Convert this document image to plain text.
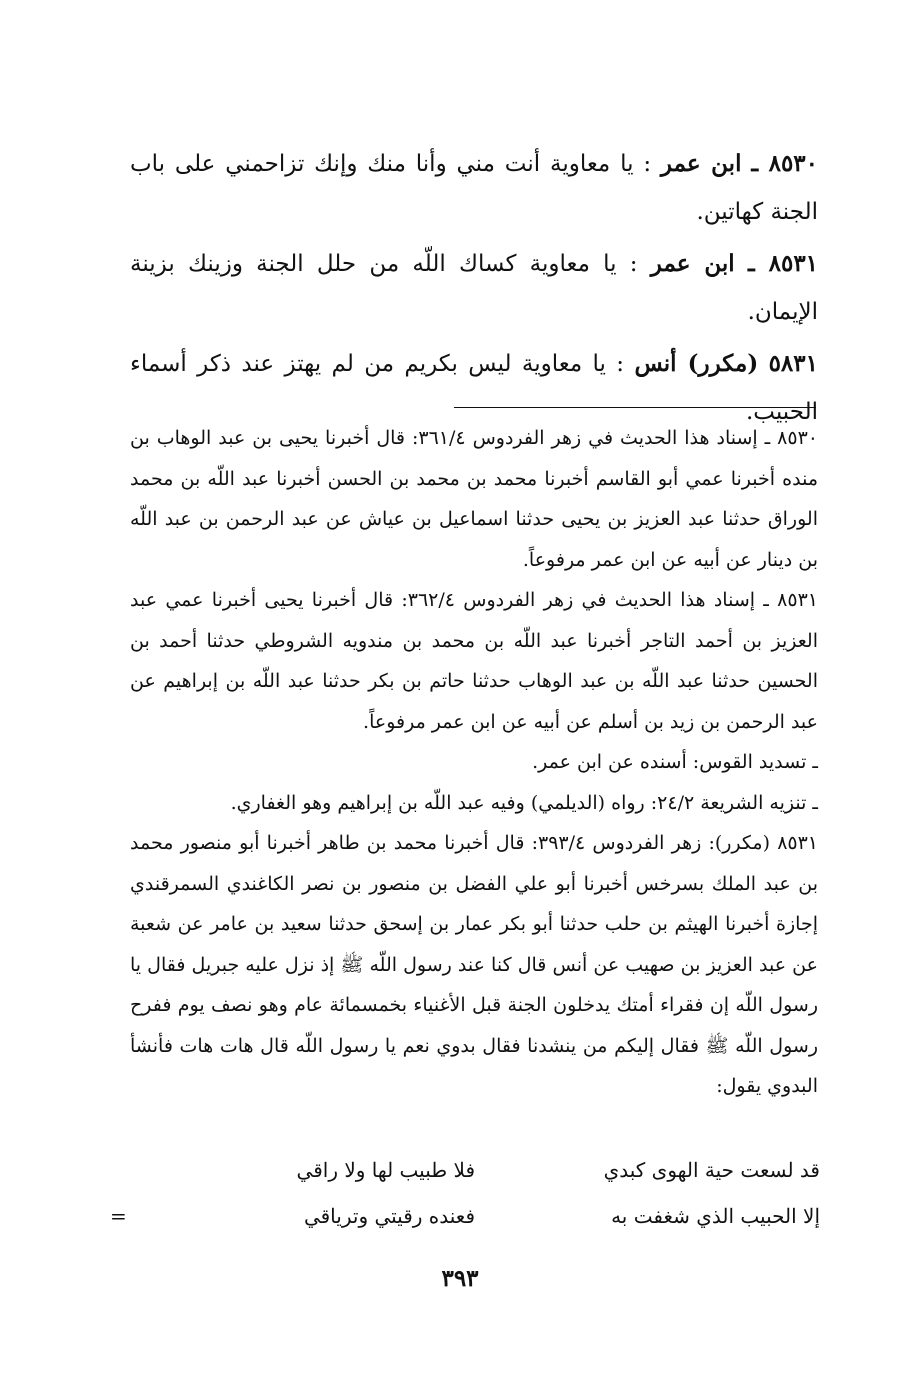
٨٥٣٠ ـ ابن عمر : يا معاوية أنت مني وأنا منك وإنك تزاحمني على باب الجنة كهاتين.

٨٥٣١ ـ ابن عمر : يا معاوية كساك اللّه من حلل الجنة وزينك بزينة الإيمان.

٥٨٣١ (مكرر) أنس : يا معاوية ليس بكريم من لم يهتز عند ذكر أسماء الحبيب.

٨٥٣٠ ـ إسناد هذا الحديث في زهر الفردوس ٣٦١/٤: قال أخبرنا يحيى بن عبد الوهاب بن منده أخبرنا عمي أبو القاسم أخبرنا محمد بن محمد بن الحسن أخبرنا عبد اللّه بن محمد الوراق حدثنا عبد العزيز بن يحيى حدثنا اسماعيل بن عياش عن عبد الرحمن بن عبد اللّه بن دينار عن أبيه عن ابن عمر مرفوعاً.

٨٥٣١ ـ إسناد هذا الحديث في زهر الفردوس ٣٦٢/٤: قال أخبرنا يحيى أخبرنا عمي عبد العزيز بن أحمد التاجر أخبرنا عبد اللّه بن محمد بن مندويه الشروطي حدثنا أحمد بن الحسين حدثنا عبد اللّه بن عبد الوهاب حدثنا حاتم بن بكر حدثنا عبد اللّه بن إبراهيم عن عبد الرحمن بن زيد بن أسلم عن أبيه عن ابن عمر مرفوعاً.

ـ تسديد القوس: أسنده عن ابن عمر.

ـ تنزيه الشريعة ٢٤/٢: رواه (الديلمي) وفيه عبد اللّه بن إبراهيم وهو الغفاري.

٨٥٣١ (مكرر): زهر الفردوس ٣٩٣/٤: قال أخبرنا محمد بن طاهر أخبرنا أبو منصور محمد بن عبد الملك بسرخس أخبرنا أبو علي الفضل بن منصور بن نصر الكاغندي السمرقندي إجازة أخبرنا الهيثم بن حلب حدثنا أبو بكر عمار بن إسحق حدثنا سعيد بن عامر عن شعبة عن عبد العزيز بن صهيب عن أنس قال كنا عند رسول اللّه ﷺ إذ نزل عليه جبريل فقال يا رسول اللّه إن فقراء أمتك يدخلون الجنة قبل الأغنياء بخمسمائة عام وهو نصف يوم ففرح رسول اللّه ﷺ فقال إليكم من ينشدنا فقال بدوي نعم يا رسول اللّه قال هات هات فأنشأ البدوي يقول:

قد لسعت حية الهوى كبدي
فلا طبيب لها ولا راقي
إلا الحبيب الذي شغفت به
فعنده رقيتي وترياقي
=
٣٩٣
